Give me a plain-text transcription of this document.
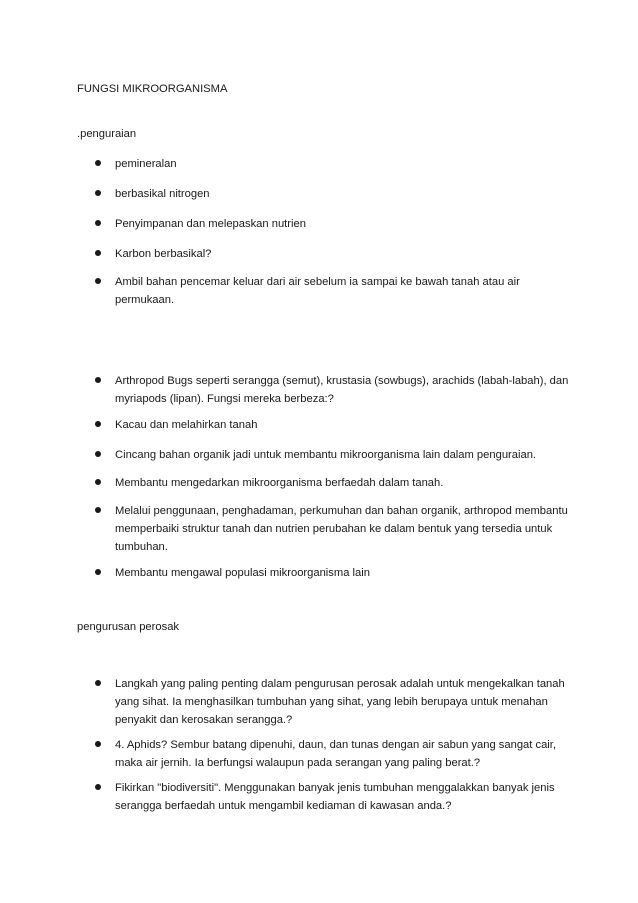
FUNGSI MIKROORGANISMA
.penguraian
pemineralan
berbasikal nitrogen
Penyimpanan dan melepaskan nutrien
Karbon berbasikal?
Ambil bahan pencemar keluar dari air sebelum ia sampai ke bawah tanah atau air permukaan.
Arthropod Bugs seperti serangga (semut), krustasia (sowbugs), arachids (labah-labah), dan myriapods (lipan). Fungsi mereka berbeza:?
Kacau dan melahirkan tanah
Cincang bahan organik jadi untuk membantu mikroorganisma lain dalam penguraian.
Membantu mengedarkan mikroorganisma berfaedah dalam tanah.
Melalui penggunaan, penghadaman, perkumuhan dan bahan organik, arthropod membantu memperbaiki struktur tanah dan nutrien perubahan ke dalam bentuk yang tersedia untuk tumbuhan.
Membantu mengawal populasi mikroorganisma lain
pengurusan perosak
Langkah yang paling penting dalam pengurusan perosak adalah untuk mengekalkan tanah yang sihat. Ia menghasilkan tumbuhan yang sihat, yang lebih berupaya untuk menahan penyakit dan kerosakan serangga.?
4. Aphids? Sembur batang dipenuhi, daun, dan tunas dengan air sabun yang sangat cair, maka air jernih. Ia berfungsi walaupun pada serangan yang paling berat.?
Fikirkan "biodiversiti". Menggunakan banyak jenis tumbuhan menggalakkan banyak jenis serangga berfaedah untuk mengambil kediaman di kawasan anda.?
